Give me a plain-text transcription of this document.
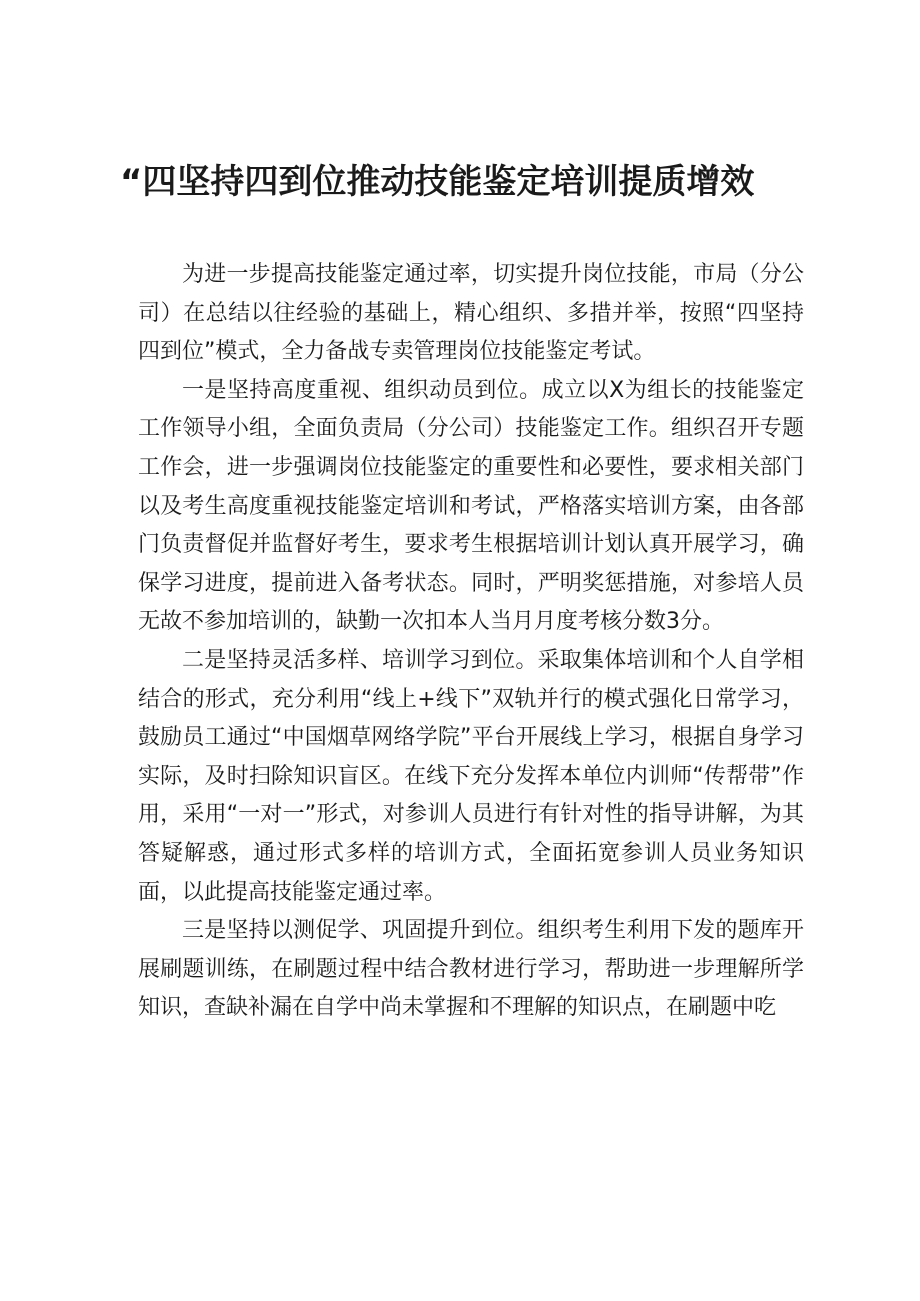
“四坚持四到位推动技能鉴定培训提质增效

为进一步提高技能鉴定通过率，切实提升岗位技能，市局（分公司）在总结以往经验的基础上，精心组织、多措并举，按照“四坚持四到位”模式，全力备战专卖管理岗位技能鉴定考试。

一是坚持高度重视、组织动员到位。成立以X为组长的技能鉴定工作领导小组，全面负责局（分公司）技能鉴定工作。组织召开专题工作会，进一步强调岗位技能鉴定的重要性和必要性，要求相关部门以及考生高度重视技能鉴定培训和考试，严格落实培训方案，由各部门负责督促并监督好考生，要求考生根据培训计划认真开展学习，确保学习进度，提前进入备考状态。同时，严明奖惩措施，对参培人员无故不参加培训的，缺勤一次扣本人当月月度考核分数3分。

二是坚持灵活多样、培训学习到位。采取集体培训和个人自学相结合的形式，充分利用“线上+线下”双轨并行的模式强化日常学习，鼓励员工通过“中国烟草网络学院”平台开展线上学习，根据自身学习实际，及时扫除知识盲区。在线下充分发挥本单位内训师“传帮带”作用，采用“一对一”形式，对参训人员进行有针对性的指导讲解，为其答疑解惑，通过形式多样的培训方式，全面拓宽参训人员业务知识面，以此提高技能鉴定通过率。

三是坚持以测促学、巩固提升到位。组织考生利用下发的题库开展刷题训练，在刷题过程中结合教材进行学习，帮助进一步理解所学知识，查缺补漏在自学中尚未掌握和不理解的知识点，在刷题中吃
